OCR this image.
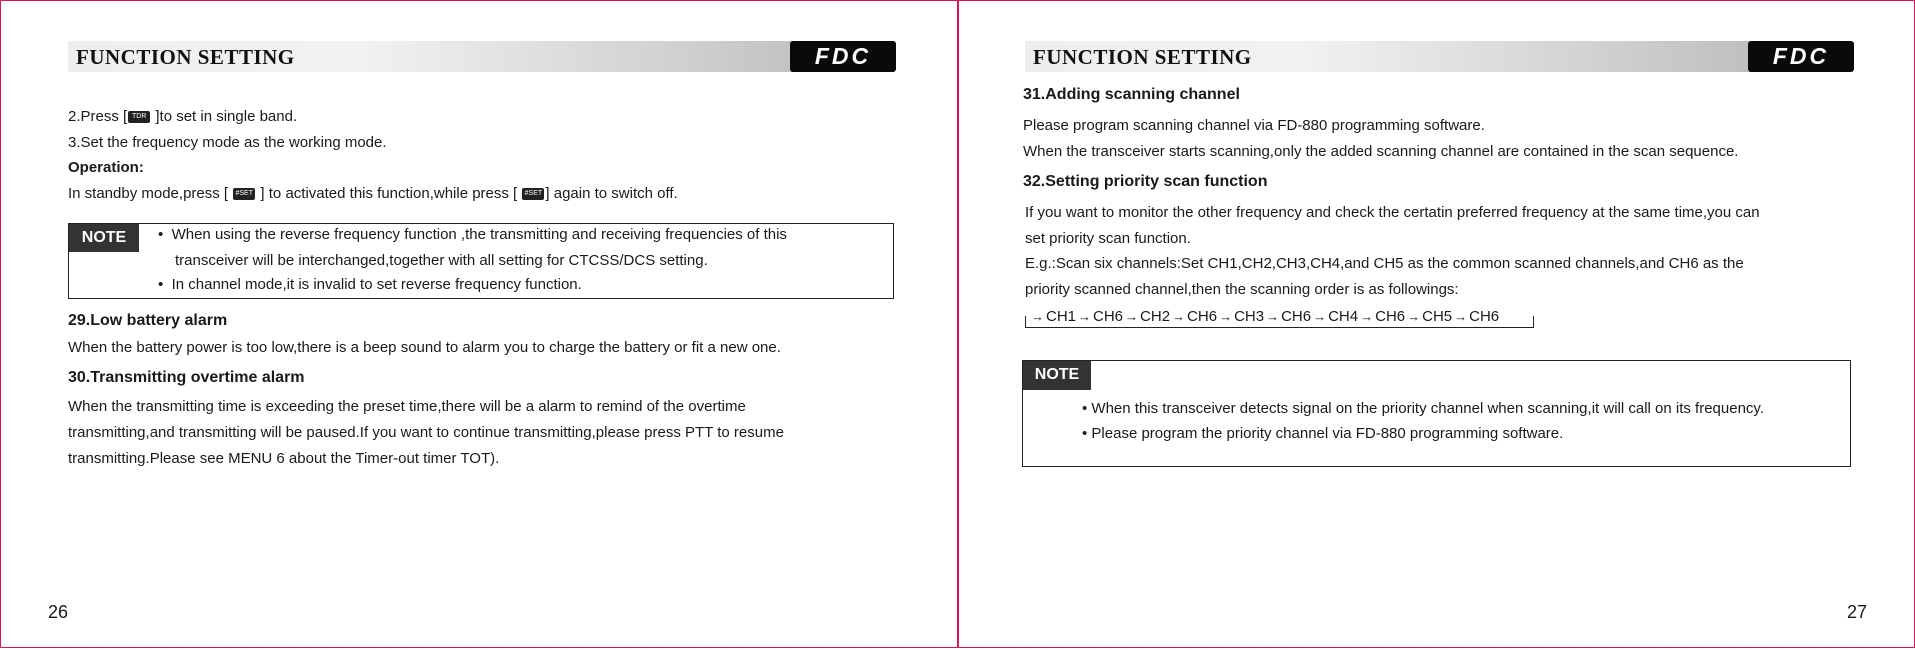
FUNCTION SETTING	FDC
2.Press [ TDR ]to set in single band.
3.Set the frequency mode as the working mode.
Operation:
In standby mode,press [ #SET ] to activated this function,while press [ #SET ] again to switch off.
NOTE	•  When using the reverse frequency function ,the transmitting and receiving frequencies of this
transceiver will be interchanged,together with all setting for CTCSS/DCS setting.
•  In channel mode,it is invalid to set reverse frequency function.
29.Low battery alarm
When the battery power is too low,there is a beep sound to alarm you to charge the battery or fit a new one.
30.Transmitting overtime alarm
When the transmitting time is exceeding the preset time,there will be a alarm to remind of the overtime
transmitting,and transmitting will be paused.If you want to continue transmitting,please press PTT to resume
transmitting.Please see MENU 6 about the Timer-out timer TOT).
26
FUNCTION SETTING	FDC
31.Adding scanning channel
Please program scanning channel via FD-880 programming software.
When the transceiver starts scanning,only the added scanning channel are contained in the scan sequence.
32.Setting priority scan function
If you want to monitor the other frequency and check the certatin preferred frequency at the same time,you can
set priority scan function.
E.g.:Scan six channels:Set CH1,CH2,CH3,CH4,and CH5 as the common scanned channels,and CH6 as the
priority scanned channel,then the scanning order is as followings:
→ CH1 → CH6 → CH2 → CH6 → CH3 → CH6 → CH4 → CH6 → CH5 → CH6
NOTE
• When this transceiver detects signal on the priority channel when scanning,it will call on its frequency.
• Please program the priority channel via FD-880 programming software.
27
